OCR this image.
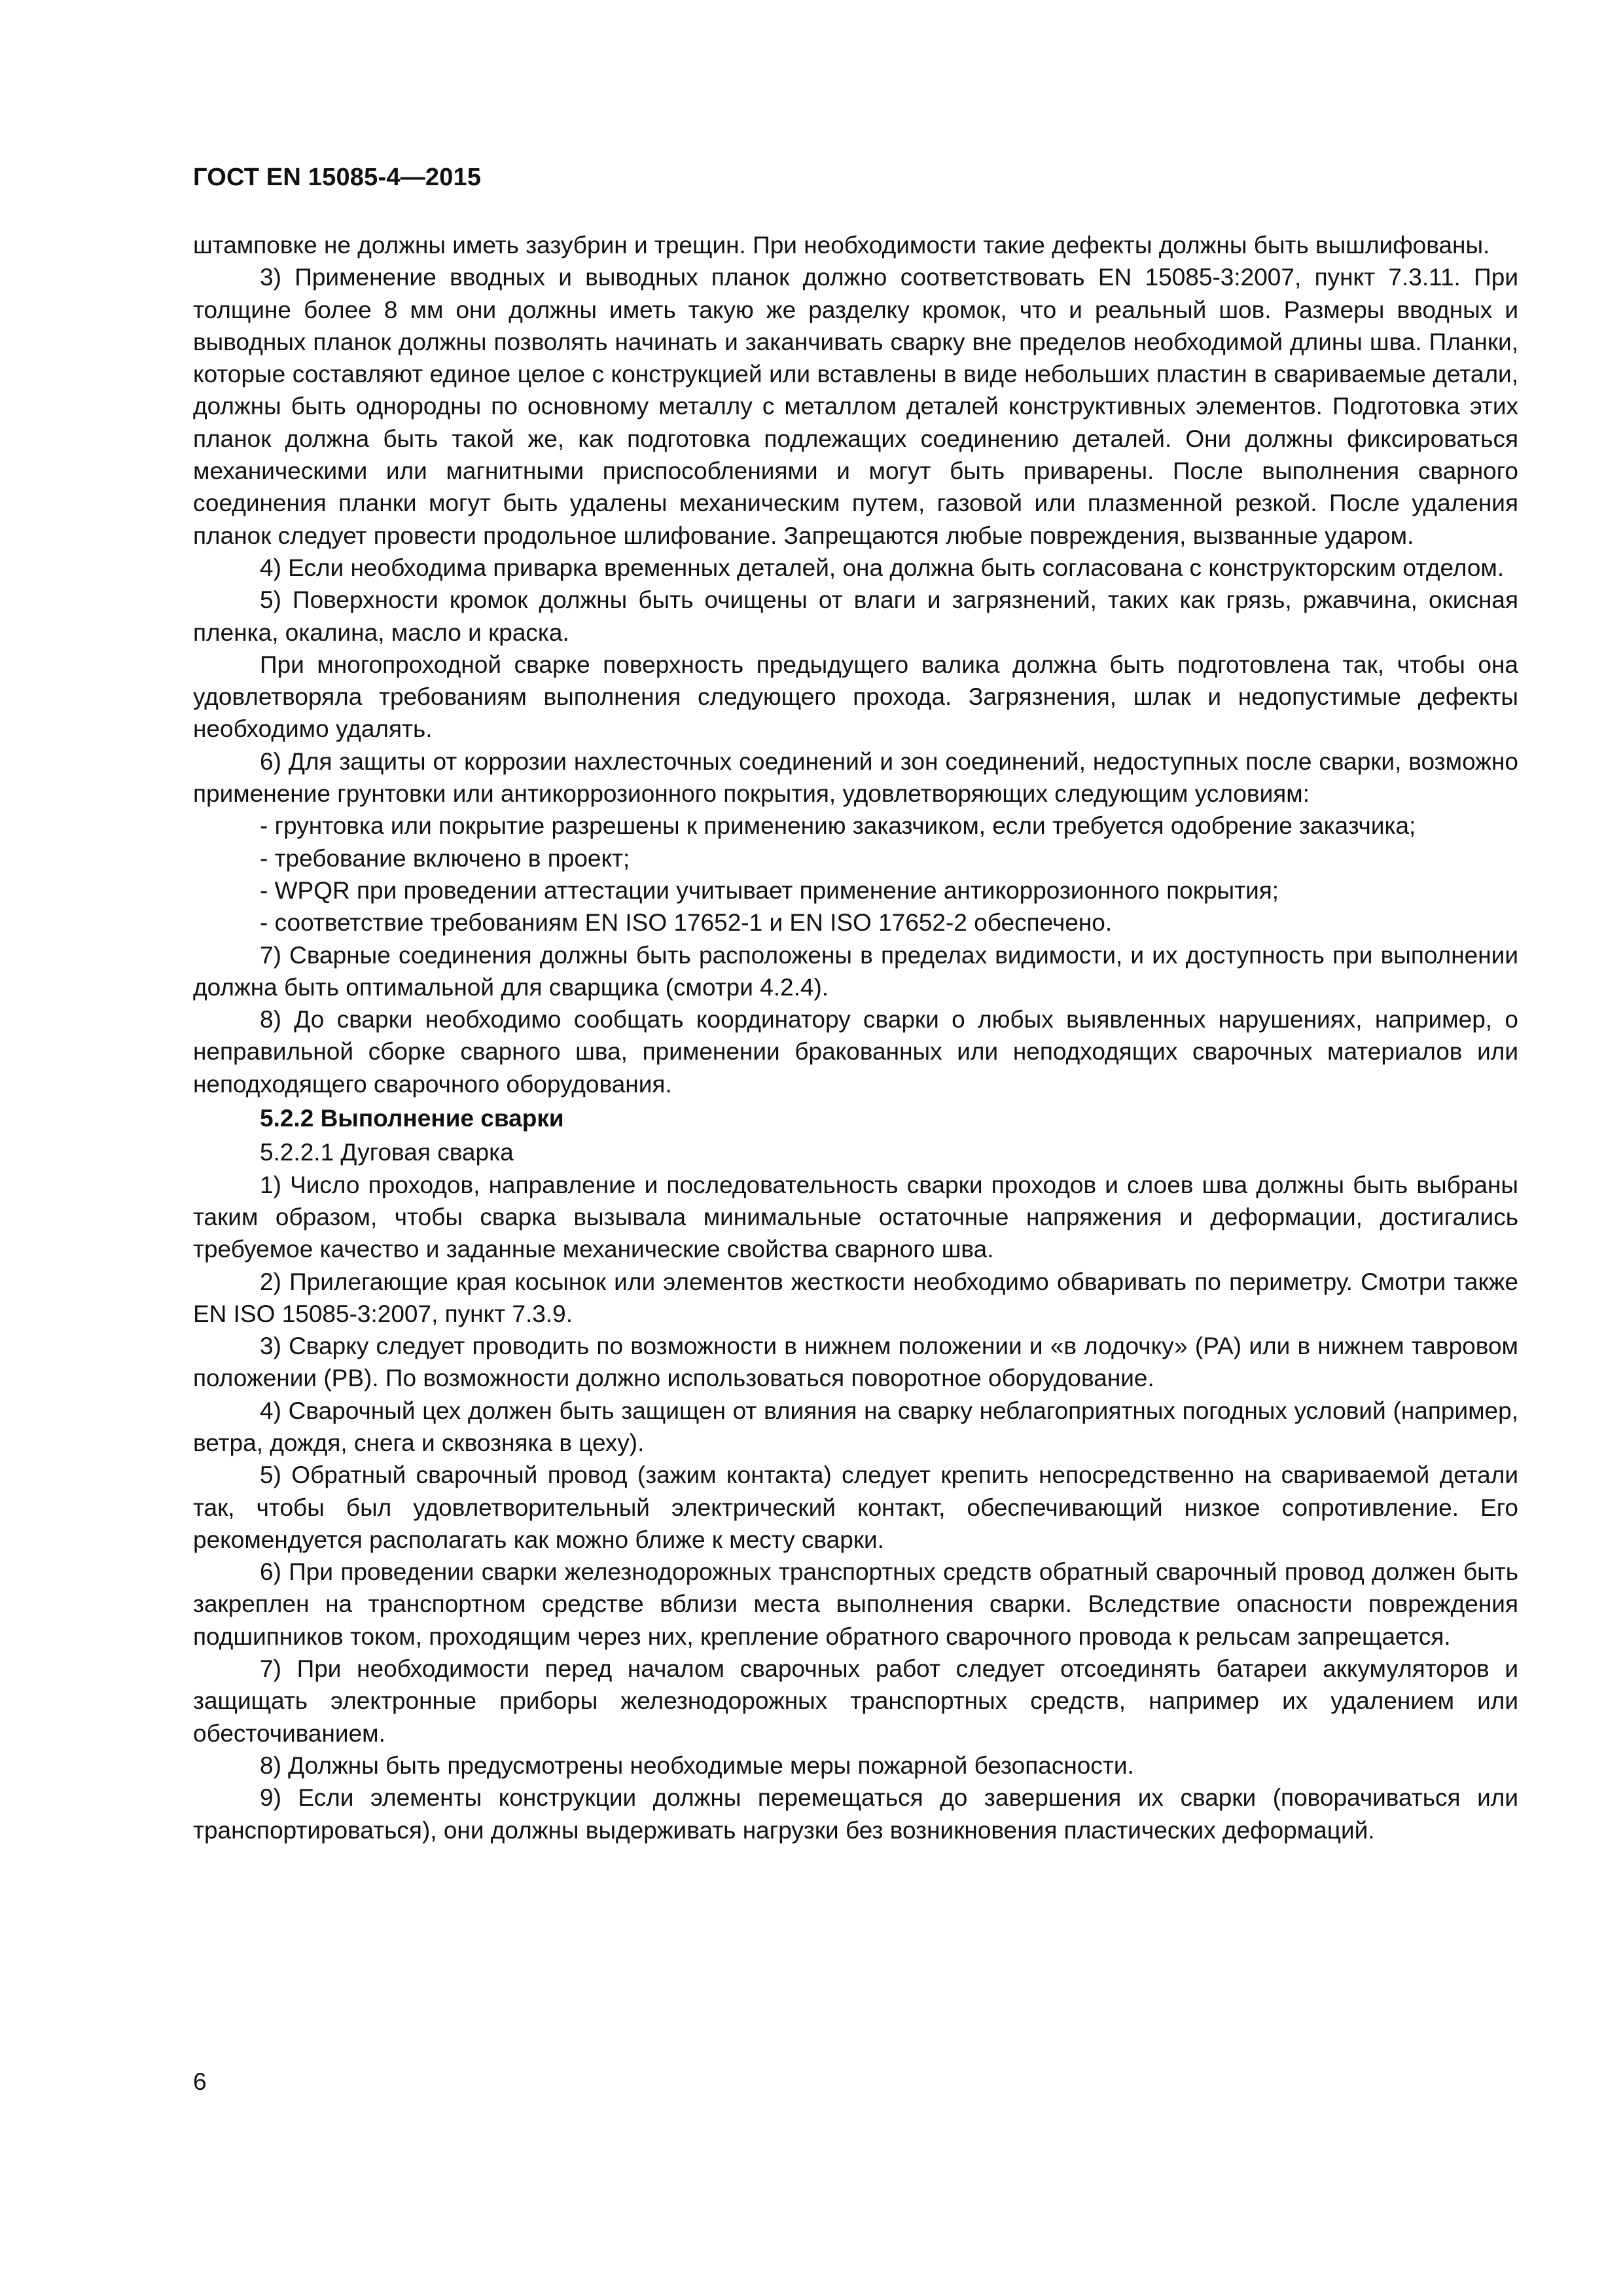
ГОСТ EN 15085-4—2015

штамповке не должны иметь зазубрин и трещин. При необходимости такие дефекты должны быть вышлифованы.

3) Применение вводных и выводных планок должно соответствовать EN 15085-3:2007, пункт 7.3.11. При толщине более 8 мм они должны иметь такую же разделку кромок, что и реальный шов. Размеры вводных и выводных планок должны позволять начинать и заканчивать сварку вне пределов необходимой длины шва. Планки, которые составляют единое целое с конструкцией или вставлены в виде небольших пластин в свариваемые детали, должны быть однородны по основному металлу с металлом деталей конструктивных элементов. Подготовка этих планок должна быть такой же, как подготовка подлежащих соединению деталей. Они должны фиксироваться механическими или магнитными приспособлениями и могут быть приварены. После выполнения сварного соединения планки могут быть удалены механическим путем, газовой или плазменной резкой. После удаления планок следует провести продольное шлифование. Запрещаются любые повреждения, вызванные ударом.

4) Если необходима приварка временных деталей, она должна быть согласована с конструкторским отделом.

5) Поверхности кромок должны быть очищены от влаги и загрязнений, таких как грязь, ржавчина, окисная пленка, окалина, масло и краска.

При многопроходной сварке поверхность предыдущего валика должна быть подготовлена так, чтобы она удовлетворяла требованиям выполнения следующего прохода. Загрязнения, шлак и недопустимые дефекты необходимо удалять.

6) Для защиты от коррозии нахлесточных соединений и зон соединений, недоступных после сварки, возможно применение грунтовки или антикоррозионного покрытия, удовлетворяющих следующим условиям:

- грунтовка или покрытие разрешены к применению заказчиком, если требуется одобрение заказчика;

- требование включено в проект;

- WPQR при проведении аттестации учитывает применение антикоррозионного покрытия;

- соответствие требованиям EN ISO 17652-1 и EN ISO 17652-2 обеспечено.

7) Сварные соединения должны быть расположены в пределах видимости, и их доступность при выполнении должна быть оптимальной для сварщика (смотри 4.2.4).

8) До сварки необходимо сообщать координатору сварки о любых выявленных нарушениях, например, о неправильной сборке сварного шва, применении бракованных или неподходящих сварочных материалов или неподходящего сварочного оборудования.

5.2.2 Выполнение сварки

5.2.2.1 Дуговая сварка

1) Число проходов, направление и последовательность сварки проходов и слоев шва должны быть выбраны таким образом, чтобы сварка вызывала минимальные остаточные напряжения и деформации, достигались требуемое качество и заданные механические свойства сварного шва.

2) Прилегающие края косынок или элементов жесткости необходимо обваривать по периметру. Смотри также EN ISO 15085-3:2007, пункт 7.3.9.

3) Сварку следует проводить по возможности в нижнем положении и «в лодочку» (PA) или в нижнем тавровом положении (PB). По возможности должно использоваться поворотное оборудование.

4) Сварочный цех должен быть защищен от влияния на сварку неблагоприятных погодных условий (например, ветра, дождя, снега и сквозняка в цеху).

5) Обратный сварочный провод (зажим контакта) следует крепить непосредственно на свариваемой детали так, чтобы был удовлетворительный электрический контакт, обеспечивающий низкое сопротивление. Его рекомендуется располагать как можно ближе к месту сварки.

6) При проведении сварки железнодорожных транспортных средств обратный сварочный провод должен быть закреплен на транспортном средстве вблизи места выполнения сварки. Вследствие опасности повреждения подшипников током, проходящим через них, крепление обратного сварочного провода к рельсам запрещается.

7) При необходимости перед началом сварочных работ следует отсоединять батареи аккумуляторов и защищать электронные приборы железнодорожных транспортных средств, например их удалением или обесточиванием.

8) Должны быть предусмотрены необходимые меры пожарной безопасности.

9) Если элементы конструкции должны перемещаться до завершения их сварки (поворачиваться или транспортироваться), они должны выдерживать нагрузки без возникновения пластических деформаций.

6
